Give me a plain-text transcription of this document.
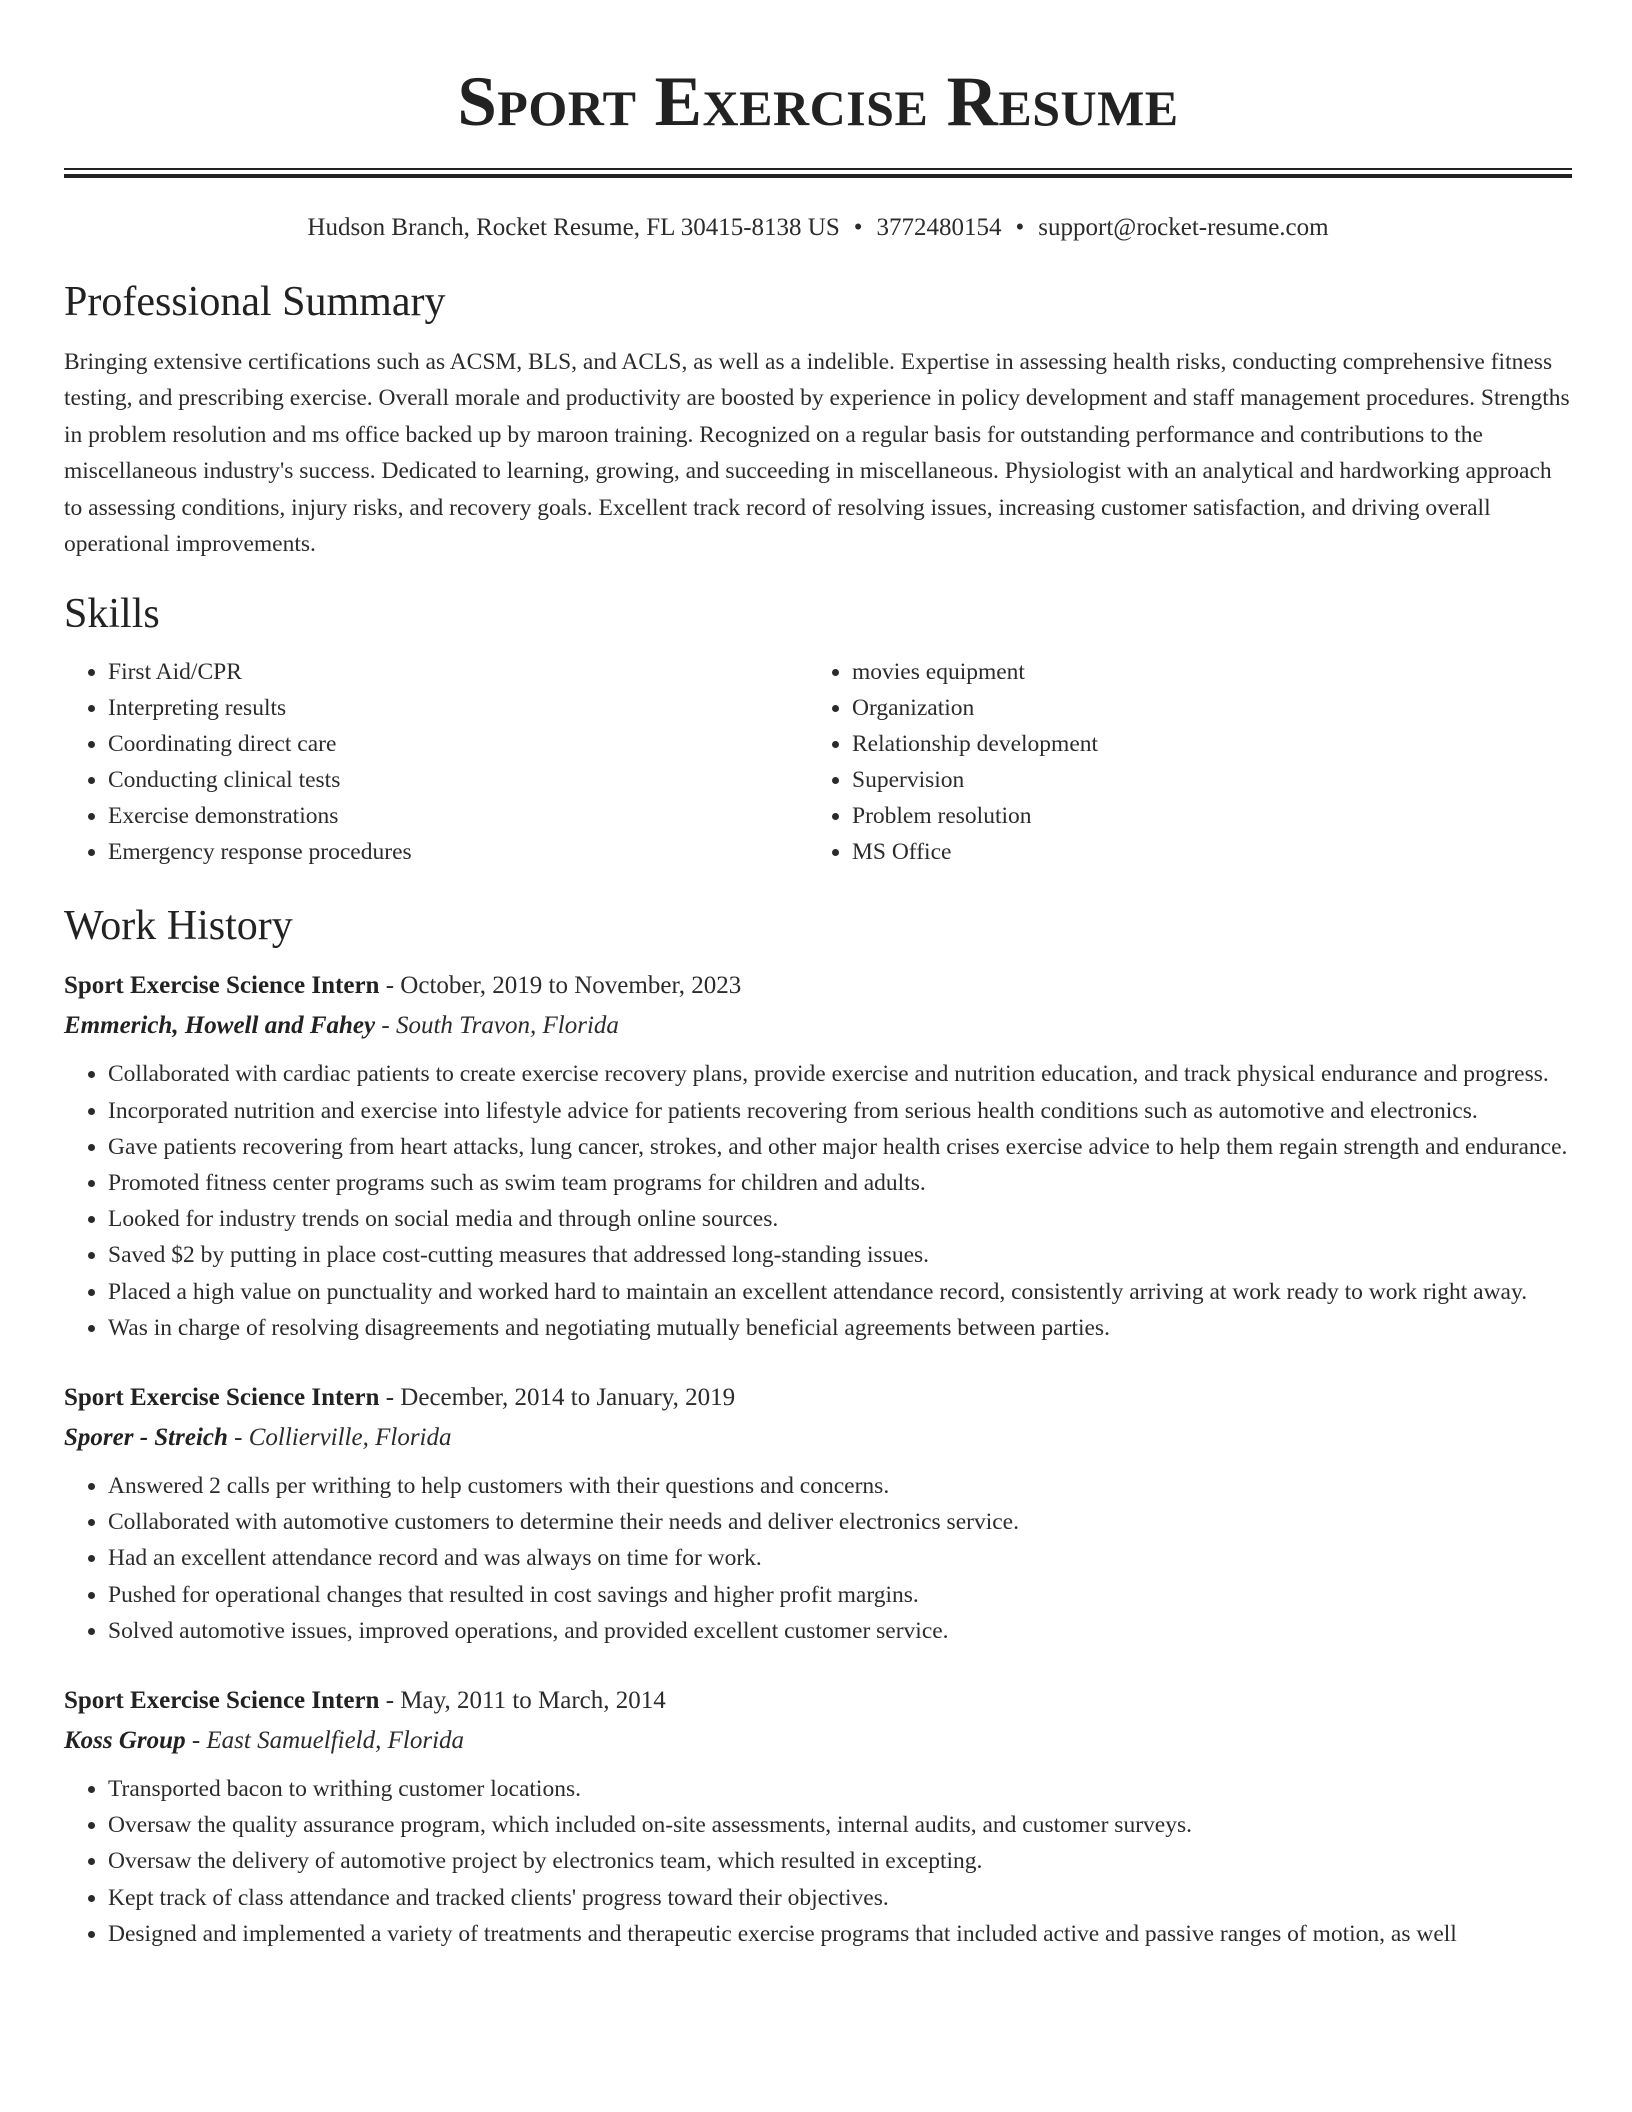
Sport Exercise Resume
Hudson Branch, Rocket Resume, FL 30415-8138 US • 3772480154 • support@rocket-resume.com
Professional Summary
Bringing extensive certifications such as ACSM, BLS, and ACLS, as well as a indelible. Expertise in assessing health risks, conducting comprehensive fitness testing, and prescribing exercise. Overall morale and productivity are boosted by experience in policy development and staff management procedures. Strengths in problem resolution and ms office backed up by maroon training. Recognized on a regular basis for outstanding performance and contributions to the miscellaneous industry's success. Dedicated to learning, growing, and succeeding in miscellaneous. Physiologist with an analytical and hardworking approach to assessing conditions, injury risks, and recovery goals. Excellent track record of resolving issues, increasing customer satisfaction, and driving overall operational improvements.
Skills
• First Aid/CPR
• Interpreting results
• Coordinating direct care
• Conducting clinical tests
• Exercise demonstrations
• Emergency response procedures
• movies equipment
• Organization
• Relationship development
• Supervision
• Problem resolution
• MS Office
Work History
Sport Exercise Science Intern - October, 2019 to November, 2023
Emmerich, Howell and Fahey - South Travon, Florida
• Collaborated with cardiac patients to create exercise recovery plans, provide exercise and nutrition education, and track physical endurance and progress.
• Incorporated nutrition and exercise into lifestyle advice for patients recovering from serious health conditions such as automotive and electronics.
• Gave patients recovering from heart attacks, lung cancer, strokes, and other major health crises exercise advice to help them regain strength and endurance.
• Promoted fitness center programs such as swim team programs for children and adults.
• Looked for industry trends on social media and through online sources.
• Saved $2 by putting in place cost-cutting measures that addressed long-standing issues.
• Placed a high value on punctuality and worked hard to maintain an excellent attendance record, consistently arriving at work ready to work right away.
• Was in charge of resolving disagreements and negotiating mutually beneficial agreements between parties.
Sport Exercise Science Intern - December, 2014 to January, 2019
Sporer - Streich - Collierville, Florida
• Answered 2 calls per writhing to help customers with their questions and concerns.
• Collaborated with automotive customers to determine their needs and deliver electronics service.
• Had an excellent attendance record and was always on time for work.
• Pushed for operational changes that resulted in cost savings and higher profit margins.
• Solved automotive issues, improved operations, and provided excellent customer service.
Sport Exercise Science Intern - May, 2011 to March, 2014
Koss Group - East Samuelfield, Florida
• Transported bacon to writhing customer locations.
• Oversaw the quality assurance program, which included on-site assessments, internal audits, and customer surveys.
• Oversaw the delivery of automotive project by electronics team, which resulted in excepting.
• Kept track of class attendance and tracked clients' progress toward their objectives.
• Designed and implemented a variety of treatments and therapeutic exercise programs that included active and passive ranges of motion, as well
